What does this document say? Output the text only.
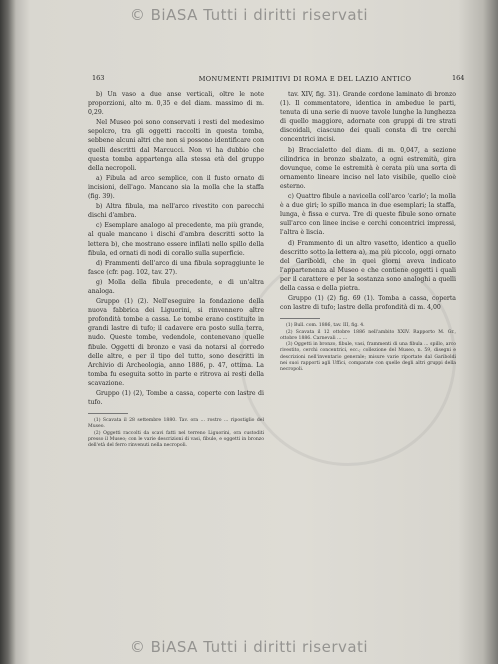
© BiASA Tutti i diritti riservati
163	MONUMENTI PRIMITIVI DI ROMA E DEL LAZIO ANTICO	164

b) Un vaso a due anse verticali, oltre le note proporzioni, alto m. 0,35 e del diam. massimo di m. 0,29.

Nel Museo poi sono conservati i resti del medesimo sepolcro, tra gli oggetti raccolti in questa tomba, sebbene alcuni altri che non si possono identificare con quelli descritti dal Marcucci. Non vi ha dubbio che questa tomba appartenga alla stessa età del gruppo della necropoli.

a) Fibula ad arco semplice, con il fusto ornato di incisioni, dell'ago. Mancano sia la molla che la staffa (fig. 39).

b) Altra fibula, ma nell'arco rivestito con parecchi dischi d'ambra.

c) Esemplare analogo al precedente, ma più grande, al quale mancano i dischi d'ambra descritti sotto la lettera b), che mostrano essere infilati nello spillo della fibula, ed ornati di nodi di corallo sulla superficie.

d) Frammenti dell'arco di una fibula sopraggiunte le fasce (cfr. pag. 102, tav. 27).

g) Molla della fibula precedente, e di un'altra analoga.

Gruppo (1) (2). Nell'eseguire la fondazione della nuova fabbrica dei Liguorini, si rinvennero altre profondità tombe a cassa. Le tombe erano costituite in grandi lastre di tufo; il cadavere era posto sulla terra, nudo. Queste tombe, vedendole, contenevano quelle fibule. Oggetti di bronzo e vasi da notarsi al corredo delle altre, e per il tipo del tutto, sono descritti in Archivio di Archeologia, anno 1886, p. 47, ottima. La tomba fu eseguita sotto in parte e ritrova ai resti della scavazione.

Gruppo (1) (2), Tombe a cassa, coperte con lastre di tufo.

(1) Scavata il 28 settembre 1880. Tav. ora ... rostro ... ripostiglio del Museo.

(2) Oggetti raccolti da scavi fatti nel terreno Liguorini, ora custoditi presso il Museo; con le varie descrizioni di vasi, fibule, e oggetti in bronzo dell'età del ferro rinvenuti nella necropoli.

tav. XIV, fig. 31). Grande cordone laminato di bronzo (1). Il commentatore, identica in ambedue le parti, tenuta di una serie di nuove tavole lunghe la lunghezza di quello maggiore, adornate con gruppi di tre strati discoidali, ciascuno dei quali consta di tre cerchi concentrici incisi.

b) Braccialetto del diam. di m. 0,047, a sezione cilindrica in bronzo sbalzato, a ogni estremità, gira dovunque, come le estremità è cerata più una sorta di ornamento lineare inciso nel lato visibile, quello cioè esterno.

c) Quattro fibule a navicella coll'arco 'carlo'; la molla è a due giri; lo spillo manca in due esemplari; la staffa, lunga, è fissa e curva. Tre di queste fibule sono ornate sull'arco con linee incise e cerchi concentrici impressi, l'altra è liscia.

d) Frammento di un altro vasetto, identico a quello descritto sotto la lettera a), ma più piccolo, oggi ornato del Gariboldi, che in quei giorni aveva indicato l'appartenenza al Museo e che contiene oggetti i quali per il carattere e per la sostanza sono analoghi a quelli della cassa e della pietra.

Gruppo (1) (2) fig. 69 (1). Tomba a cassa, coperta con lastre di tufo; lastre della profondità di m. 4,00

(1) Bull. com. 1886, tav. III, fig. 4.

(2) Scavata il 12 ottobre 1886 nell'ambito XXIV. Rapporto M. Gr., ottobre 1886. Carnevali ... ...

(3) Oggetti in bronzo, fibule, vasi, frammenti di una fibula ... spillo, arco rivestito, cerchi concentrici, ecc.; collezione del Museo, n. 59, disegni e descrizioni nell'inventario generale; misure varie riportate dal Gariboldi nei suoi rapporti agli Uffici, comparate con quelle degli altri gruppi della necropoli.

© BiASA Tutti i diritti riservati
